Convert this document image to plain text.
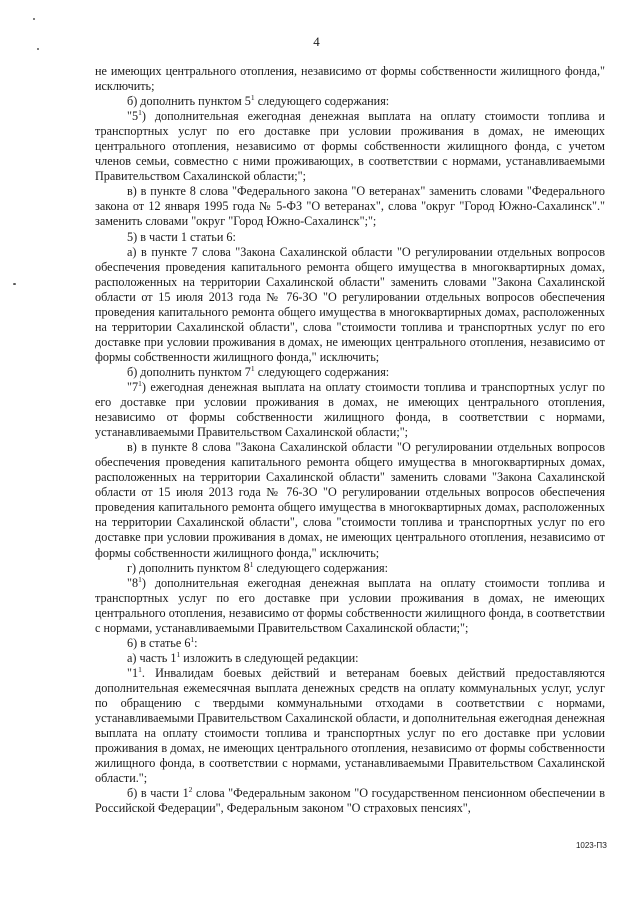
4
не имеющих центрального отопления, независимо от формы собственности жилищного фонда," исключить;
б) дополнить пунктом $5^1$ следующего содержания:
"$5^1$) дополнительная ежегодная денежная выплата на оплату стоимости топлива и транспортных услуг по его доставке при условии проживания в домах, не имеющих центрального отопления, независимо от формы собственности жилищного фонда, с учетом членов семьи, совместно с ними проживающих, в соответствии с нормами, устанавливаемыми Правительством Сахалинской области;";
в) в пункте 8 слова "Федерального закона "О ветеранах" заменить словами "Федерального закона от 12 января 1995 года № 5-ФЗ "О ветеранах", слова "округ "Город Южно-Сахалинск"." заменить словами "округ "Город Южно-Сахалинск";";
5) в части 1 статьи 6:
а) в пункте 7 слова "Закона Сахалинской области "О регулировании отдельных вопросов обеспечения проведения капитального ремонта общего имущества в многоквартирных домах, расположенных на территории Сахалинской области" заменить словами "Закона Сахалинской области от 15 июля 2013 года № 76-ЗО "О регулировании отдельных вопросов обеспечения проведения капитального ремонта общего имущества в многоквартирных домах, расположенных на территории Сахалинской области", слова "стоимости топлива и транспортных услуг по его доставке при условии проживания в домах, не имеющих центрального отопления, независимо от формы собственности жилищного фонда," исключить;
б) дополнить пунктом $7^1$ следующего содержания:
"$7^1$) ежегодная денежная выплата на оплату стоимости топлива и транспортных услуг по его доставке при условии проживания в домах, не имеющих центрального отопления, независимо от формы собственности жилищного фонда, в соответствии с нормами, устанавливаемыми Правительством Сахалинской области;";
в) в пункте 8 слова "Закона Сахалинской области "О регулировании отдельных вопросов обеспечения проведения капитального ремонта общего имущества в многоквартирных домах, расположенных на территории Сахалинской области" заменить словами "Закона Сахалинской области от 15 июля 2013 года № 76-ЗО "О регулировании отдельных вопросов обеспечения проведения капитального ремонта общего имущества в многоквартирных домах, расположенных на территории Сахалинской области", слова "стоимости топлива и транспортных услуг по его доставке при условии проживания в домах, не имеющих центрального отопления, независимо от формы собственности жилищного фонда," исключить;
г) дополнить пунктом $8^1$ следующего содержания:
"$8^1$) дополнительная ежегодная денежная выплата на оплату стоимости топлива и транспортных услуг по его доставке при условии проживания в домах, не имеющих центрального отопления, независимо от формы собственности жилищного фонда, в соответствии с нормами, устанавливаемыми Правительством Сахалинской области;";
6) в статье $6^1$:
а) часть $1^1$ изложить в следующей редакции:
"$1^1$. Инвалидам боевых действий и ветеранам боевых действий предоставляются дополнительная ежемесячная выплата денежных средств на оплату коммунальных услуг, услуг по обращению с твердыми коммунальными отходами в соответствии с нормами, устанавливаемыми Правительством Сахалинской области, и дополнительная ежегодная денежная выплата на оплату стоимости топлива и транспортных услуг по его доставке при условии проживания в домах, не имеющих центрального отопления, независимо от формы собственности жилищного фонда, в соответствии с нормами, устанавливаемыми Правительством Сахалинской области.";
б) в части $1^2$ слова "Федеральным законом "О государственном пенсионном обеспечении в Российской Федерации", Федеральным законом "О страховых пенсиях",
1023-ПЗ
